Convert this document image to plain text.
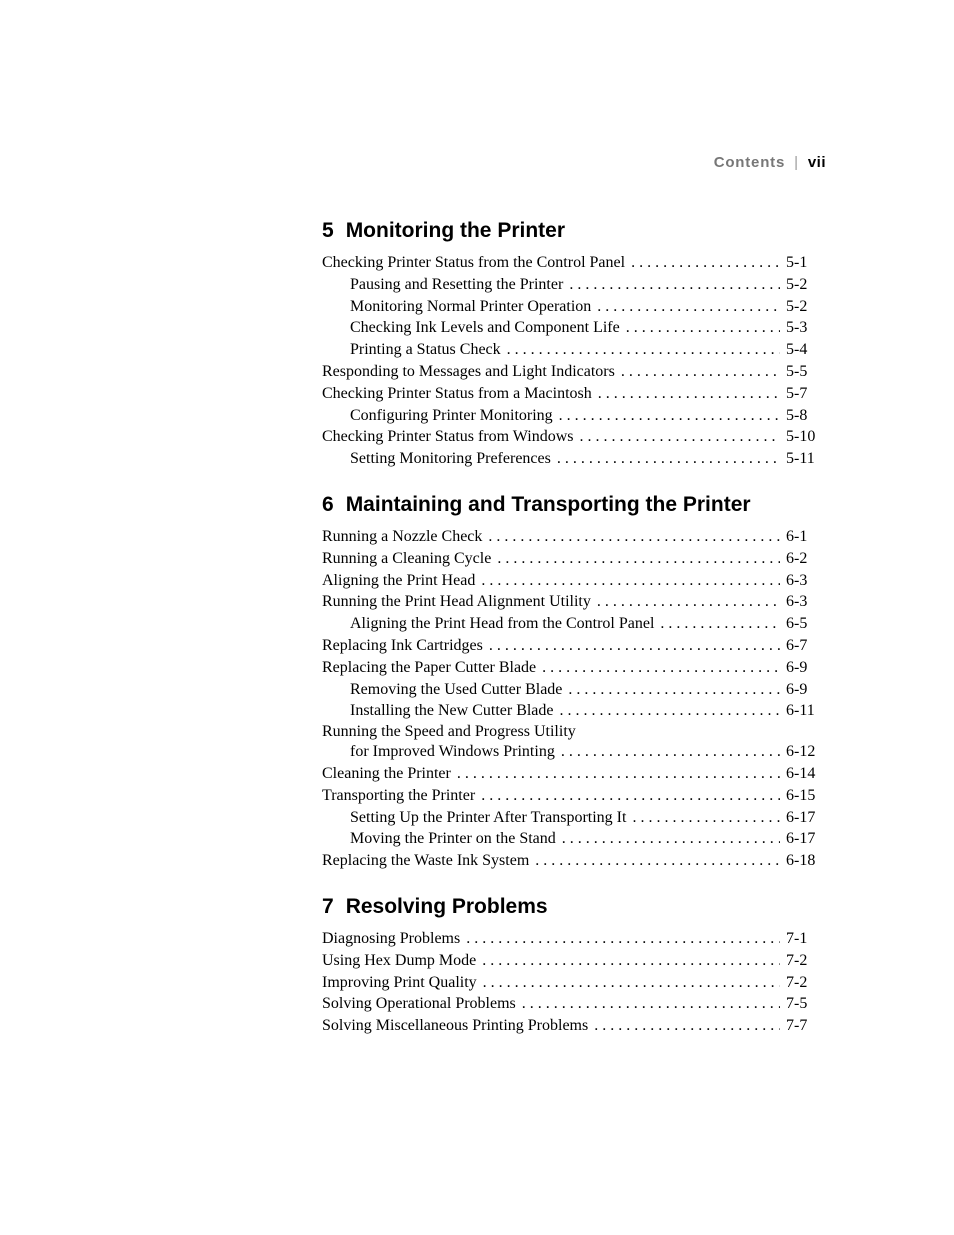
Contents | vii
5 Monitoring the Printer
Checking Printer Status from the Control Panel . . .	5-1
Pausing and Resetting the Printer . . .	5-2
Monitoring Normal Printer Operation . . .	5-2
Checking Ink Levels and Component Life . . .	5-3
Printing a Status Check . . .	5-4
Responding to Messages and Light Indicators . . .	5-5
Checking Printer Status from a Macintosh . . .	5-7
Configuring Printer Monitoring . . .	5-8
Checking Printer Status from Windows . . .	5-10
Setting Monitoring Preferences . . .	5-11
6 Maintaining and Transporting the Printer
Running a Nozzle Check . . .	6-1
Running a Cleaning Cycle . . .	6-2
Aligning the Print Head . . .	6-3
Running the Print Head Alignment Utility . . .	6-3
Aligning the Print Head from the Control Panel . . .	6-5
Replacing Ink Cartridges . . .	6-7
Replacing the Paper Cutter Blade . . .	6-9
Removing the Used Cutter Blade . . .	6-9
Installing the New Cutter Blade . . .	6-11
Running the Speed and Progress Utility
for Improved Windows Printing . . .	6-12
Cleaning the Printer . . .	6-14
Transporting the Printer . . .	6-15
Setting Up the Printer After Transporting It . . .	6-17
Moving the Printer on the Stand . . .	6-17
Replacing the Waste Ink System . . .	6-18
7 Resolving Problems
Diagnosing Problems . . .	7-1
Using Hex Dump Mode . . .	7-2
Improving Print Quality . . .	7-2
Solving Operational Problems . . .	7-5
Solving Miscellaneous Printing Problems . . .	7-7
